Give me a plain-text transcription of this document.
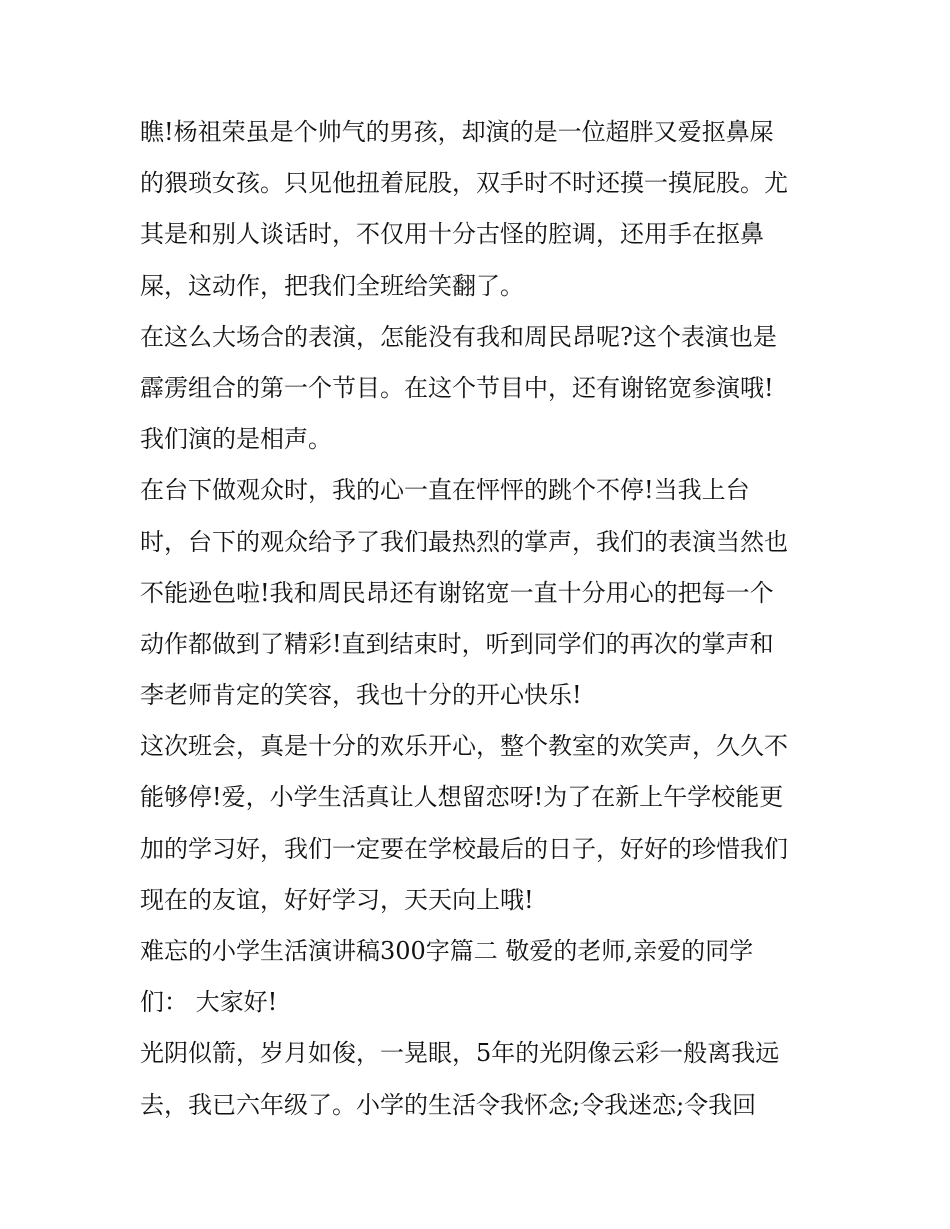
瞧!杨祖荣虽是个帅气的男孩，却演的是一位超胖又爱抠鼻屎
的猥琐女孩。只见他扭着屁股，双手时不时还摸一摸屁股。尤
其是和别人谈话时，不仅用十分古怪的腔调，还用手在抠鼻
屎，这动作，把我们全班给笑翻了。
在这么大场合的表演，怎能没有我和周民昂呢?这个表演也是
霹雳组合的第一个节目。在这个节目中，还有谢铭宽参演哦!
我们演的是相声。
在台下做观众时，我的心一直在怦怦的跳个不停!当我上台
时，台下的观众给予了我们最热烈的掌声，我们的表演当然也
不能逊色啦!我和周民昂还有谢铭宽一直十分用心的把每一个
动作都做到了精彩!直到结束时，听到同学们的再次的掌声和
李老师肯定的笑容，我也十分的开心快乐!
这次班会，真是十分的欢乐开心，整个教室的欢笑声，久久不
能够停!爱，小学生活真让人想留恋呀!为了在新上午学校能更
加的学习好，我们一定要在学校最后的日子，好好的珍惜我们
现在的友谊，好好学习，天天向上哦!
难忘的小学生活演讲稿300字篇二 敬爱的老师,亲爱的同学
们： 大家好!
光阴似箭，岁月如俊，一晃眼，5年的光阴像云彩一般离我远
去，我已六年级了。小学的生活令我怀念;令我迷恋;令我回
